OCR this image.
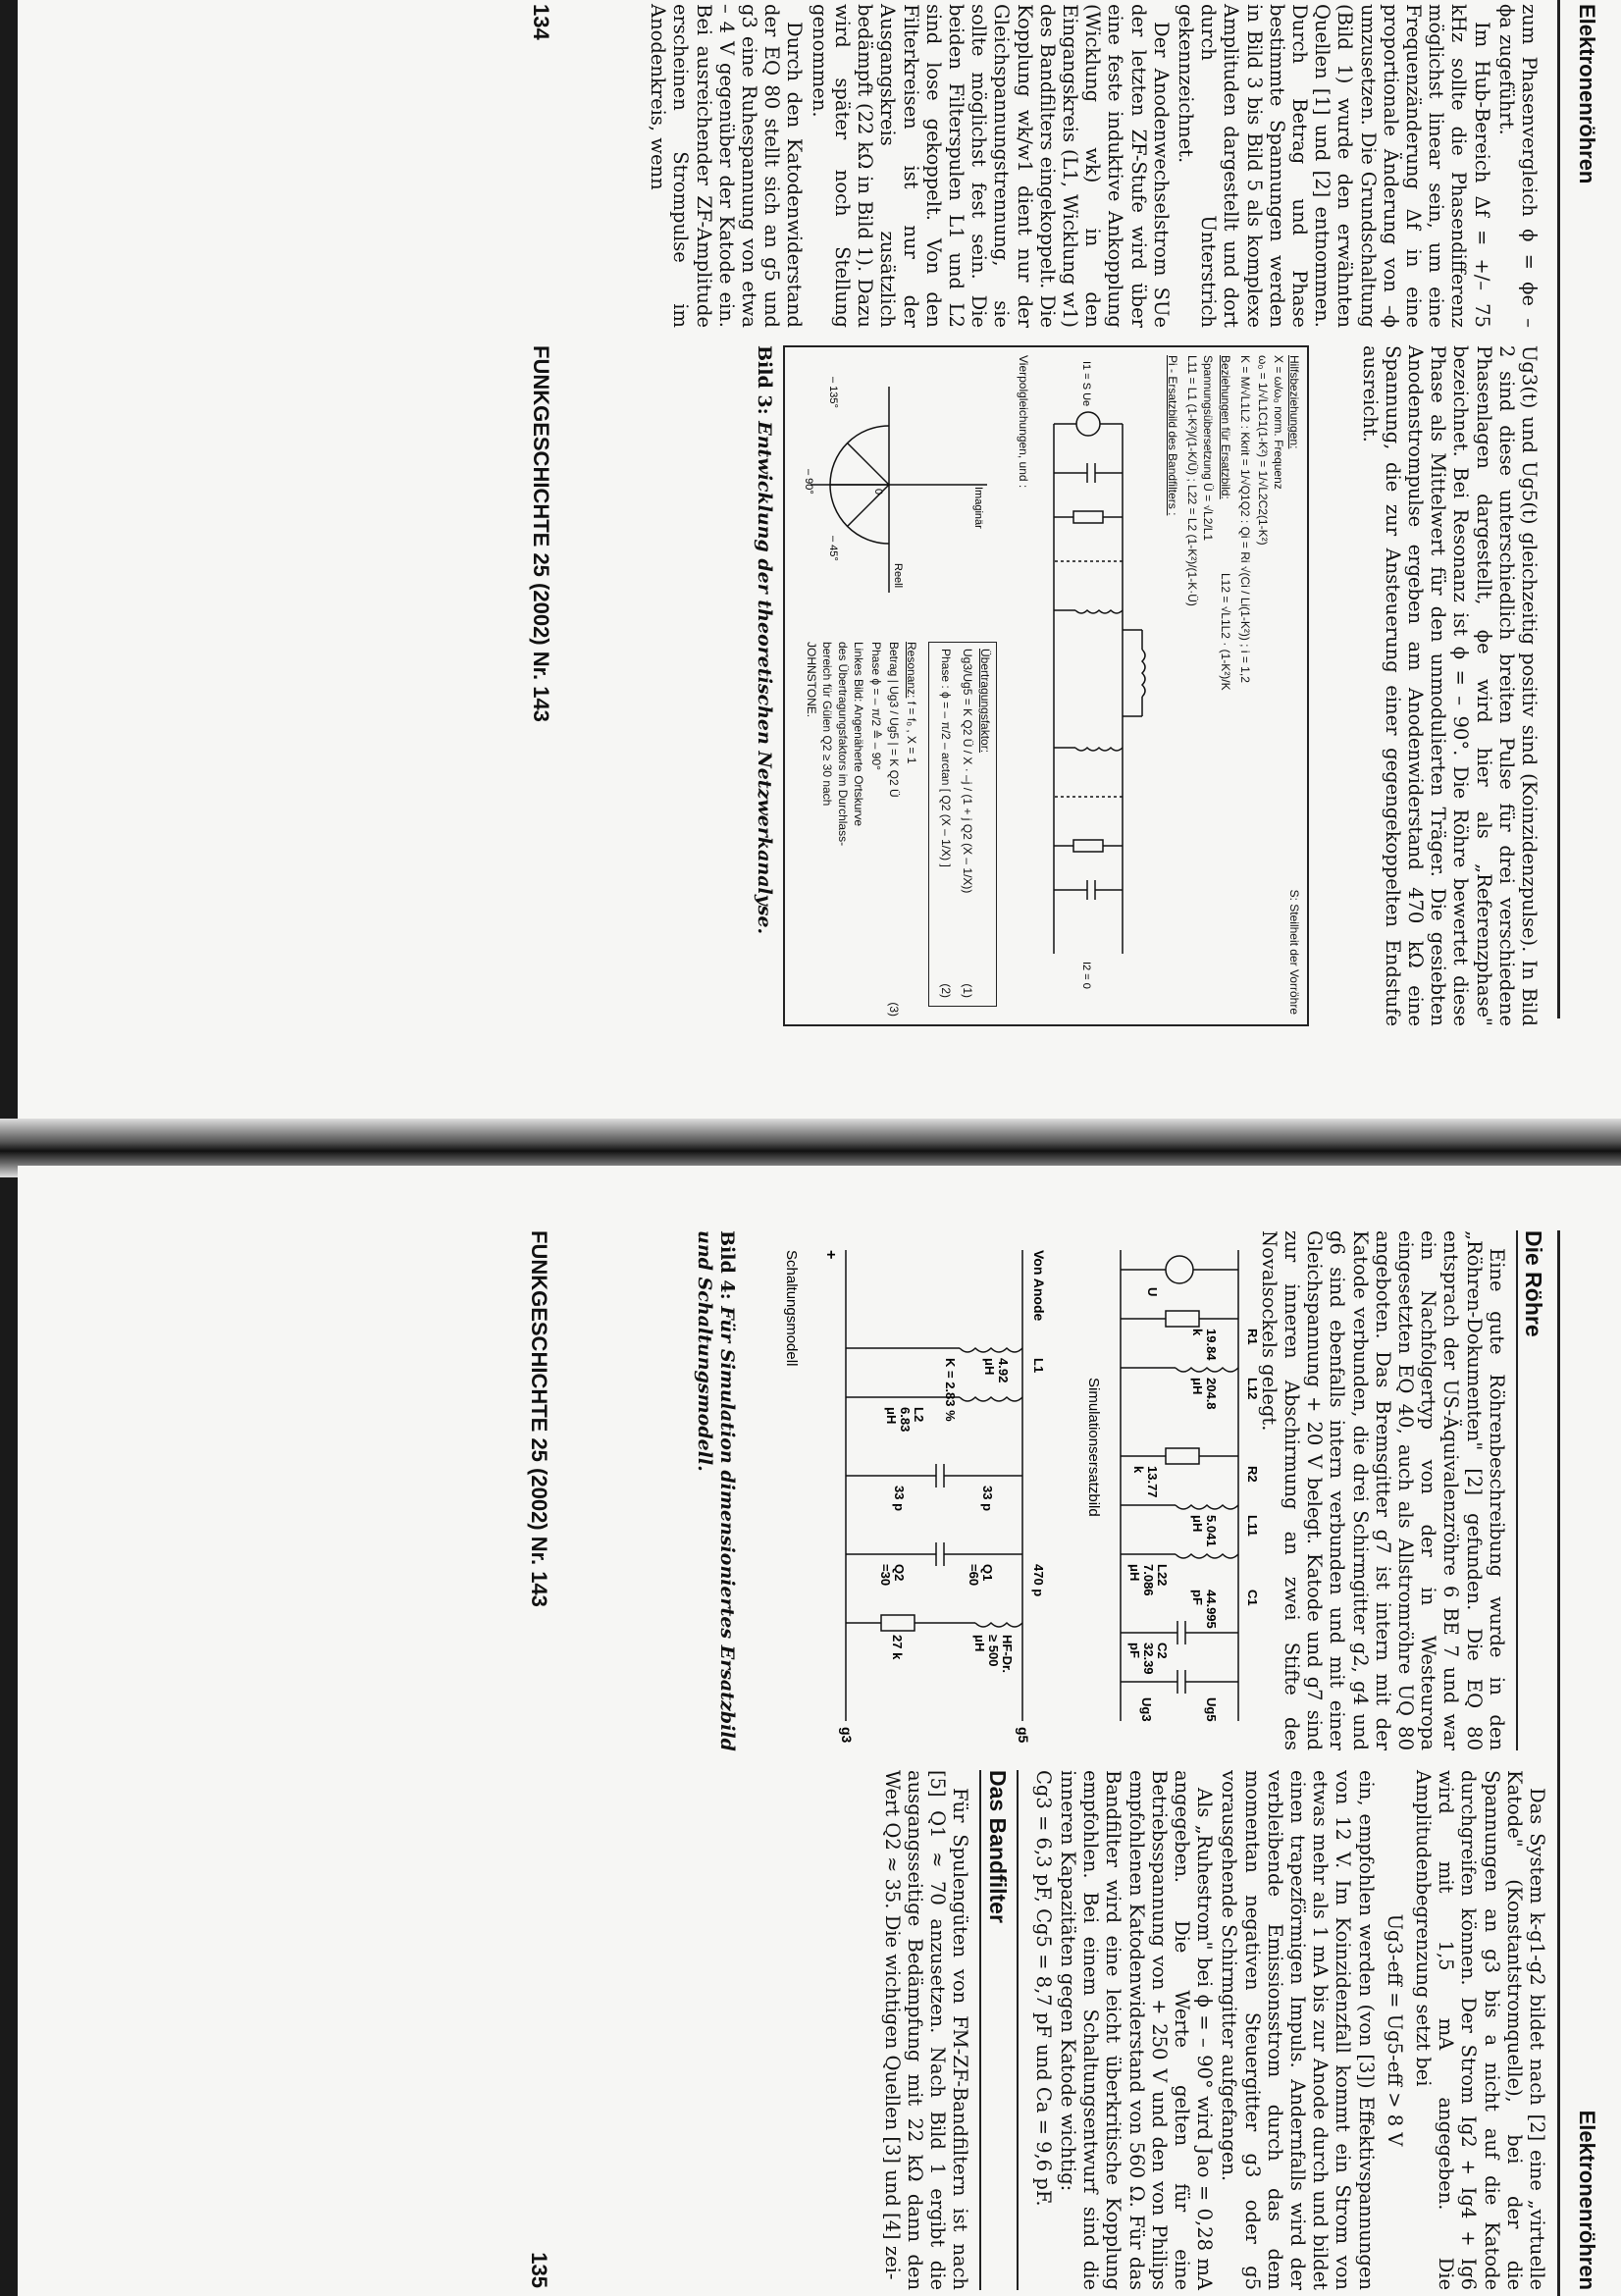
Elektronenröhren

zum Phasenvergleich ϕ = ϕe – ϕa zugeführt.

Im Hub-Bereich Δf = +/– 75 kHz sollte die Phasendifferenz möglichst linear sein, um eine Frequenzänderung Δf in eine proportionale Änderung von –ϕ umzusetzen. Die Grundschaltung (Bild 1) wurde den erwähnten Quellen [1] und [2] entnommen. Durch Betrag und Phase bestimmte Spannungen werden in Bild 3 bis Bild 5 als komplexe Amplituden dargestellt und dort durch Unterstrich gekennzeichnet.

Der Anodenwechselstrom SUe der letzten ZF-Stufe wird über eine feste induktive Ankopplung (Wicklung wk) in den Eingangskreis (L1, Wicklung w1) des Bandfilters eingekoppelt. Die Kopplung wk/w1 dient nur der Gleichspannungstrennung, sie sollte möglichst fest sein. Die beiden Filterspulen L1 und L2 sind lose gekoppelt. Von den Filterkreisen ist nur der Ausgangskreis zusätzlich bedämpft (22 kΩ in Bild 1). Dazu wird später noch Stellung genommen.

Durch den Katodenwiderstand der EQ 80 stellt sich an g5 und g3 eine Ruhespannung von etwa – 4 V gegenüber der Katode ein. Bei ausreichender ZF-Amplitude erscheinen Strompulse im Anodenkreis, wenn

Ug3(t) und Ug5(t) gleichzeitig positiv sind (Koinzidenzpulse). In Bild 2 sind diese unterschiedlich breiten Pulse für drei verschiedene Phasenlagen dargestellt, ϕe wird hier als „Referenzphase" bezeichnet. Bei Resonanz ist ϕ = – 90°. Die Röhre bewertet diese Phase als Mittelwert für den unmodulierten Träger. Die gesiebten Anodenstrompulse ergeben am Anodenwiderstand 470 kΩ eine Spannung, die zur Ansteuerung einer gegengekoppelten Endstufe ausreicht.

Hilfsbeziehungen:
S: Steilheit der Vorröhre
X = ω/ω₀ norm. Frequenz
ω₀ = 1/√L1C1(1-K²) = 1/√L2C2(1-K²)
K = M/√L1L2 : Kkrit = 1/√Q1Q2 : Qi = Ri √(Ci / Li(1-K²)) ; i = 1,2
Beziehungen für Ersatzbild:
L12 = √L1L2 · (1-K²)/K
Spannungsübersetzung Ü = √L2/L1
L11 = L1 (1-K²)/(1-K/Ü) ; L22 = L2 (1-K²)/(1-K·Ü)
Pi - Ersatzbild des Bandfilters :
I1 = S Ue
I2 = 0
Vierpolgleichungen, und :
Imaginär
Reell
– 135°
– 45°
– 90°	0
Übertragungsfaktor:
Ug3/Ug5 = K Q2 Ü / X · –j / (1 + j Q2 (X – 1/X))
(1)
Phase : ϕ = – π/2 – arctan [ Q2 (X – 1/X) ]
(2)
Resonanz: f = f₀ , X = 1
Betrag | Ug3 / Ug5 | = K Q2 Ü
(3)
Phase ϕ = – π/2 ≙ – 90°
Linkes Bild: Angenäherte Ortskurve
des Übertragungsfaktors im Durchlass-
bereich für Gülen Q2 ≥ 30 nach
JOHNSTONE.
Bild 3: Entwicklung der theoretischen Netzwerkanalyse.
134
FUNKGESCHICHTE 25 (2002) Nr. 143
Elektronenröhren
Die Röhre

Eine gute Röhrenbeschreibung wurde in den „Röhren-Dokumenten" [2] gefunden. Die EQ 80 entsprach der US-Äquivalenzröhre 6 BE 7 und war ein Nachfolgertyp von der in Westeuropa eingesetzten EQ 40, auch als Allstromröhre UQ 80 angeboten. Das Bremsgitter g7 ist intern mit der Katode verbunden, die drei Schirmgitter g2, g4 und g6 sind ebenfalls intern verbunden und mit einer Gleichspannung + 20 V belegt. Katode und g7 sind zur inneren Abschirmung an zwei Stifte des Novalsockels gelegt.

R1
19.84
k
L12
204.8
μH
R2
13.77
k
L11
5.041
μH
L22
7.086
μH
C1
44.995
pF
C2
32.39
pF
Ug5
Ug3
U
Simulationsersatzbild
Von Anode
L1
4.92
μH
K = 2.83 %
L2
6.83
μH
33 p
33 p
470 p
Q1
=60
Q2
=30
HF-Dr.
≥ 500
μH
27 k
g5
g3
+
Schaltungsmodell
Bild 4: Für Simulation dimensioniertes Ersatzbild und Schaltungsmodell.

Das System k-g1-g2 bildet nach [2] eine „virtuelle Katode" (Konstantstromquelle), bei der die Spannungen an g3 bis a nicht auf die Katode durchgreifen können. Der Strom Ig2 + Ig4 + Ig6 wird mit 1,5 mA angegeben. Die Amplitudenbegrenzung setzt bei

Ug3-eff = Ug5-eff > 8 V

ein, empfohlen werden (von [3]) Effektivspannungen von 12 V. Im Koinzidenzfall kommt ein Strom von etwas mehr als 1 mA bis zur Anode durch und bildet einen trapezförmigen Impuls. Andernfalls wird der verbleibende Emissionsstrom durch das dem momentan negativen Steuergitter g3 oder g5 vorausgehende Schirmgitter aufgefangen.

Als „Ruhestrom" bei ϕ = – 90° wird Jao = 0,28 mA angegeben. Die Werte gelten für eine Betriebsspannung von + 250 V und den von Philips empfohlenen Katodenwiderstand von 560 Ω. Für das Bandfilter wird eine leicht überkritische Kopplung empfohlen. Bei einem Schaltungsentwurf sind die inneren Kapazitäten gegen Katode wichtig:

Cg3 = 6,3 pF, Cg5 = 8,7 pF und Ca = 9,6 pF.

Das Bandfilter

Für Spulengüten von FM-ZF-Bandfiltern ist nach [5] Q1 ≈ 70 anzusetzen. Nach Bild 1 ergibt die ausgangsseitige Bedämpfung mit 22 kΩ dann den Wert Q2 ≈ 35. Die wichtigen Quellen [3] und [4] zei-

FUNKGESCHICHTE 25 (2002) Nr. 143
135
